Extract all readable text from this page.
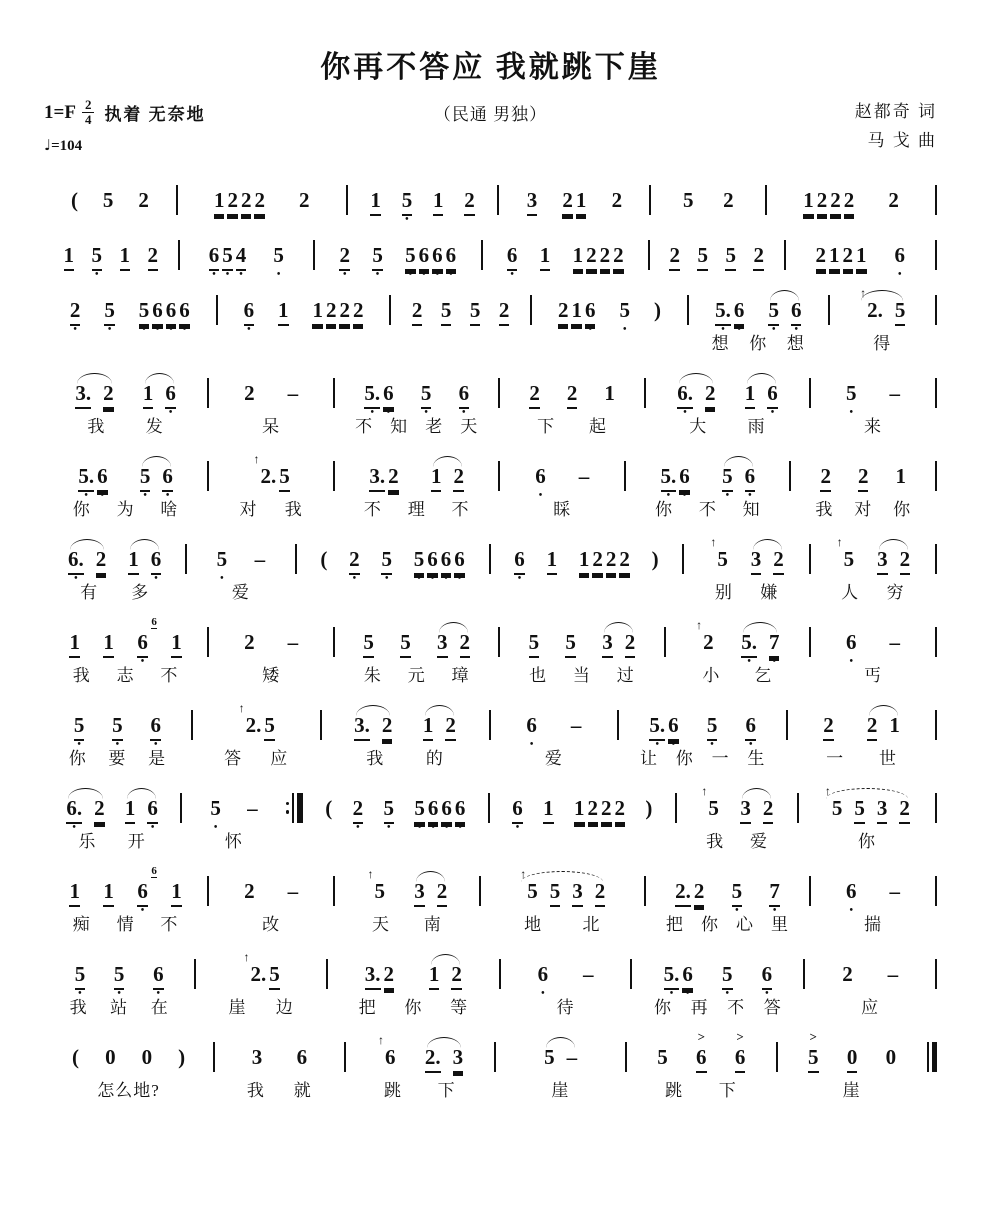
你再不答应 我就跳下崖
$1=F \frac{2}{4}$ 执着 无奈地
♩=104
（民通 男独）	赵都奇 词
马 戈 曲
( 5 2	1 2 2 2 2	1 5
•
1 2 3 2 1 2	5 2	1 2 2 2 2
1 5
•
1 2 6
•
5
•
4
•
5
•
2
•
5
•
5
•
6
•
6
•
6
•
6
•
1 1 2 2 2 2 5 5 2 2 1 2 1 6
•
2
•
5
•
5
•
6
•
6
•
6
•
6
•
1 1 2 2 2 2 5 5 2 2 1 6
•
5
•
)	5.
•
6
•
5
•
6
•
↑
2. 5
想 你 想	得
3. 2 1 6
•
2 –	5.
•
6
•
5
•
6
•
2 2 1	6.
•
2 1 6
•
5
•
–
我 发	呆	不 知 老 天	下 起	大 雨	来
5.
•
6
•
5
•
6
•
↑
2. 5	3. 2 1 2	6
•
–	5.
•
6
•
5
•
6
•
2 2 1
你 为 啥	对 我	不 理 不	睬	你 不 知	我 对 你
6.
•
2 1 6
•
5
•
–	( 2
•
5
•
5
•
6
•
6
•
6
•
6
•
1 1 2 2 2 )
↑
5 3 2
↑
5 3 2
有 多	爱	别 嫌	人 穷
1 1 6
6
•
1	2 –	5 5 3 2	5 5 3 2
↑
2 5.
•
7
•
6
•
–
我 志 不	矮	朱 元 璋	也 当 过	小 乞	丐
5
•
5
•
6
•
↑
2. 5	3. 2 1 2	6
•
–	5.
•
6
•
5
•
6
•
2 2 1
你 要 是	答 应	我 的	爱	让 你 一 生	一 世
6.
•
2 1 6
•
5
•
–	( 2
•
5
•
5
•
6
•
6
•
6
•
6
•
1 1 2 2 2 )
↑
5 3 2
↑
5 5 3 2
乐 开	怀	我 爱	你
1 1 6
6
•
1	2 –
↑
5 3 2
↑
5 5 3 2	2. 2 5
•
7
•
6
•
–
痴 情 不	改	天 南	地 北	把 你 心 里	揣
5
•
5
•
6
•
↑
2. 5	3. 2 1 2	6
•
–	5.
•
6
•
5
•
6
•
2 –
我 站 在	崖 边	把 你 等	待	你 再 不 答	应
( 0 0 )	3 6
↑
6 2. 3	5 –	5 6
>
6
>
5
>
0 0
怎么地?	我 就	跳 下	崖	跳 下	崖
